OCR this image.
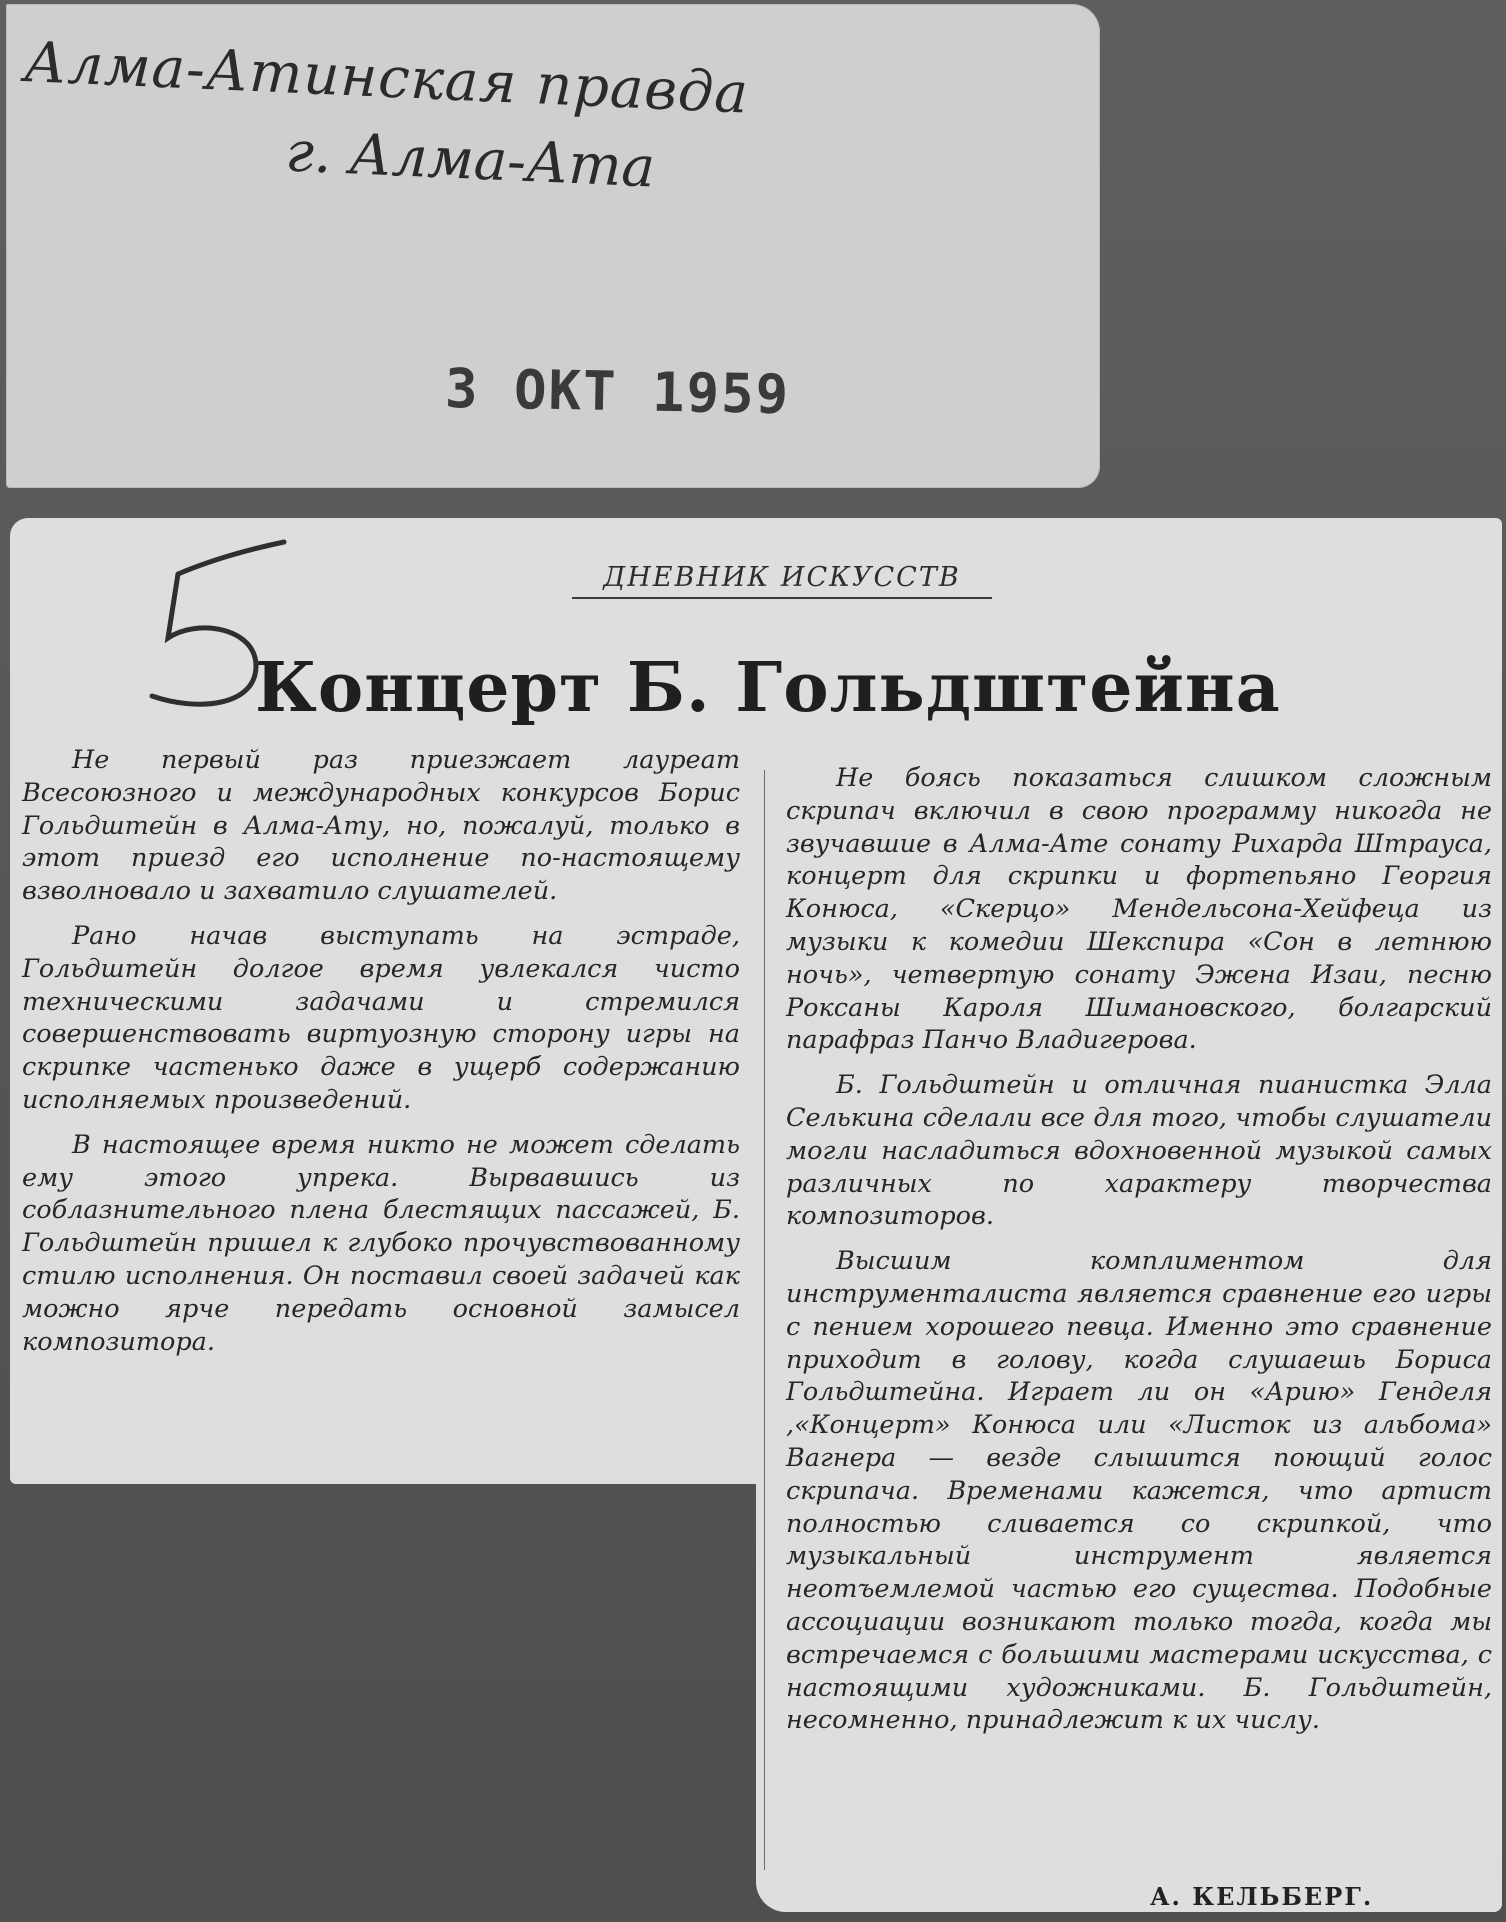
Алма-Атинская правда
г. Алма-Ата
3 ОКТ 1959
ДНЕВНИК ИСКУССТВ
Концерт Б. Гольдштейна

Не первый раз приезжает лауреат Всесоюзного и международных конкурсов Борис Гольдштейн в Алма-Ату, но, пожалуй, только в этот приезд его исполнение по-настоящему взволновало и захватило слушателей.

Рано начав выступать на эстраде, Гольдштейн долгое время увлекался чисто техническими задачами и стремился совершенствовать виртуозную сторону игры на скрипке частенько даже в ущерб содержанию исполняемых произведений.

В настоящее время никто не может сделать ему этого упрека. Вырвавшись из соблазнительного плена блестящих пассажей, Б. Гольдштейн пришел к глубоко прочувствованному стилю исполнения. Он поставил своей задачей как можно ярче передать основной замысел композитора.

Не боясь показаться слишком сложным скрипач включил в свою программу никогда не звучавшие в Алма-Ате сонату Рихарда Штрауса, концерт для скрипки и фортепьяно Георгия Конюса, «Скерцо» Мендельсона-Хейфеца из музыки к комедии Шекспира «Сон в летнюю ночь», четвертую сонату Эжена Изаи, песню Роксаны Кароля Шимановского, болгарский парафраз Панчо Владигерова.

Б. Гольдштейн и отличная пианистка Элла Селькина сделали все для того, чтобы слушатели могли насладиться вдохновенной музыкой самых различных по характеру творчества композиторов.

Высшим комплиментом для инструменталиста является сравнение его игры с пением хорошего певца. Именно это сравнение приходит в голову, когда слушаешь Бориса Гольдштейна. Играет ли он «Арию» Генделя ,«Концерт» Конюса или «Листок из альбома» Вагнера — везде слышится поющий голос скрипача. Временами кажется, что артист полностью сливается со скрипкой, что музыкальный инструмент является неотъемлемой частью его существа. Подобные ассоциации возникают только тогда, когда мы встречаемся с большими мастерами искусства, с настоящими художниками. Б. Гольдштейн, несомненно, принадлежит к их числу.

А. КЕЛЬБЕРГ.
